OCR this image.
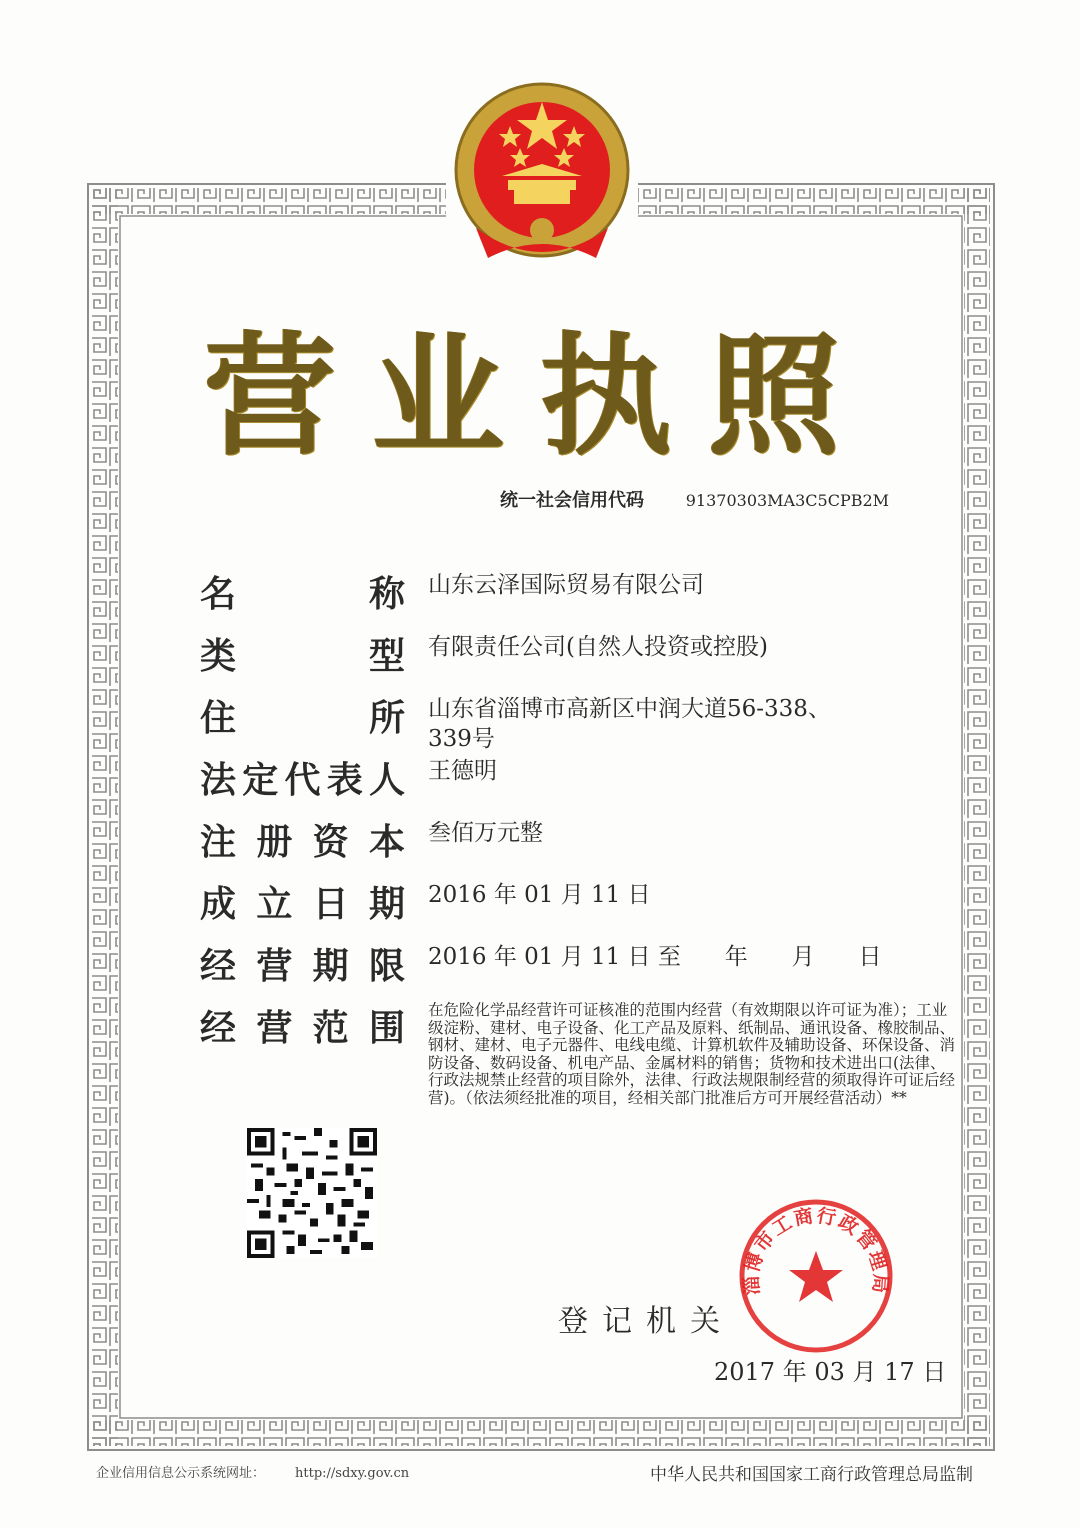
营业执照
统一社会信用代码	91370303MA3C5CPB2M
名	称 山东云泽国际贸易有限公司
类	型 有限责任公司(自然人投资或控股)
住	所 山东省淄博市高新区中润大道56-338、339号
法 定 代 表 人 王德明
注 册 资 本 叁佰万元整
成 立 日 期 2016 年 01 月 11 日
经 营 期 限 2016 年 01 月 11 日 至      年      月      日
经 营 范 围 在危险化学品经营许可证核准的范围内经营（有效期限以许可证为准）；工业级淀粉、建材、电子设备、化工产品及原料、纸制品、通讯设备、橡胶制品、钢材、建材、电子元器件、电线电缆、计算机软件及辅助设备、环保设备、消防设备、数码设备、机电产品、金属材料的销售；货物和技术进出口(法律、行政法规禁止经营的项目除外，法律、行政法规限制经营的须取得许可证后经营)。（依法须经批准的项目，经相关部门批准后方可开展经营活动）**
登记机关
淄博市工商行政管理局
2017 年 03 月 17 日
企业信用信息公示系统网址： http://sdxy.gov.cn	中华人民共和国国家工商行政管理总局监制
